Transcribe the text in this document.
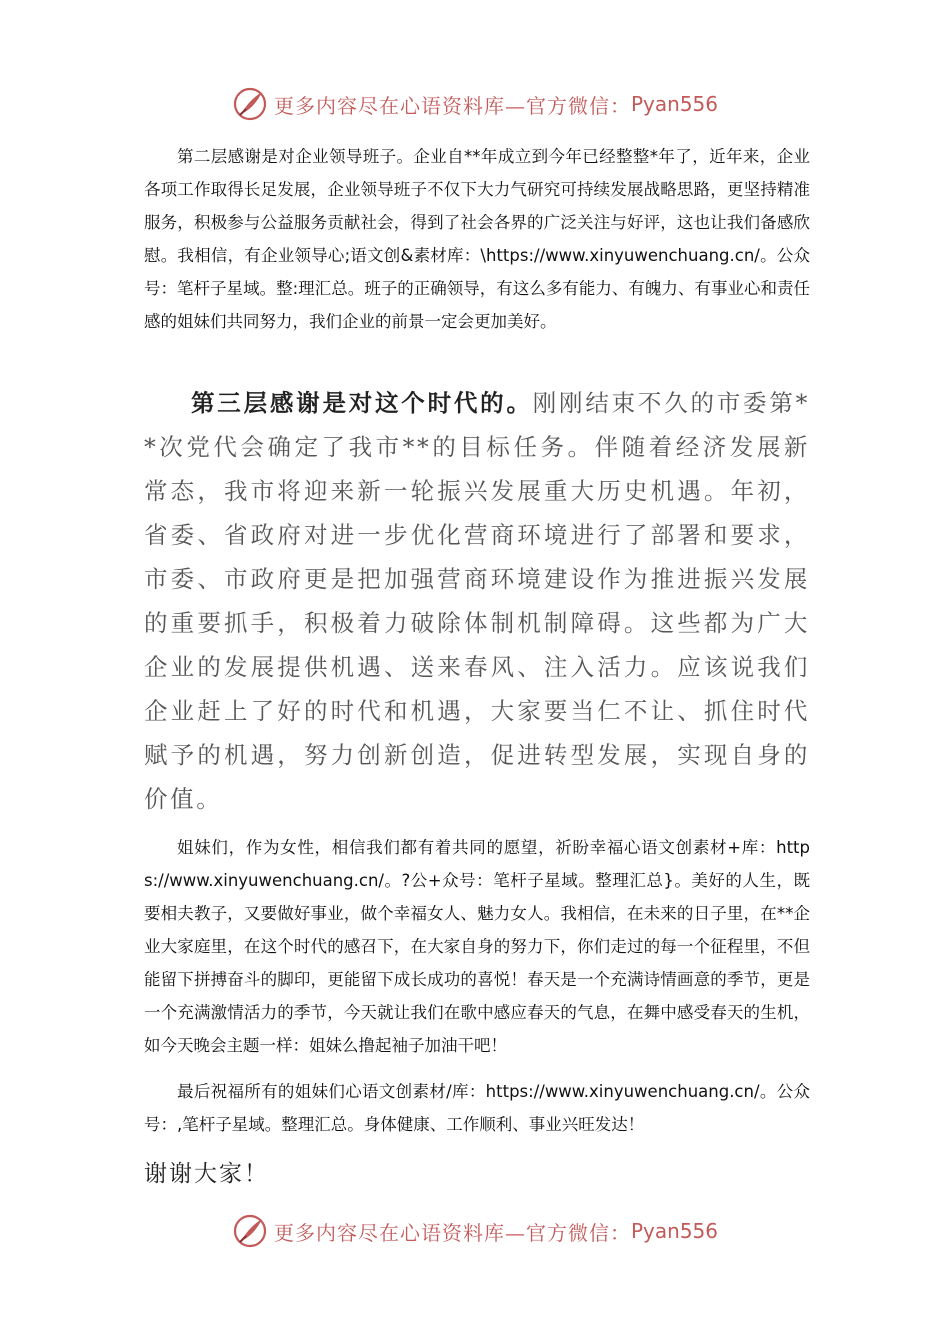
更多内容尽在心语资料库—官方微信： Pyan556

第二层感谢是对企业领导班子。企业自**年成立到今年已经整整*年了，近年来，企业各项工作取得长足发展，企业领导班子不仅下大力气研究可持续发展战略思路，更坚持精准服务，积极参与公益服务贡献社会，得到了社会各界的广泛关注与好评，这也让我们备感欣慰。我相信，有企业领导心;语文创&素材库：\https://www.xinyuwenchuang.cn/。公众号：笔杆子星域。整:理汇总。班子的正确领导，有这么多有能力、有魄力、有事业心和责任感的姐妹们共同努力，我们企业的前景一定会更加美好。

第三层感谢是对这个时代的。刚刚结束不久的市委第**次党代会确定了我市**的目标任务。伴随着经济发展新常态，我市将迎来新一轮振兴发展重大历史机遇。年初，省委、省政府对进一步优化营商环境进行了部署和要求，市委、市政府更是把加强营商环境建设作为推进振兴发展的重要抓手，积极着力破除体制机制障碍。这些都为广大企业的发展提供机遇、送来春风、注入活力。应该说我们企业赶上了好的时代和机遇，大家要当仁不让、抓住时代赋予的机遇，努力创新创造，促进转型发展，实现自身的价值。

姐妹们，作为女性，相信我们都有着共同的愿望，祈盼幸福心语文创素材+库：https://www.xinyuwenchuang.cn/。?公+众号：笔杆子星域。整理汇总}。美好的人生，既要相夫教子，又要做好事业，做个幸福女人、魅力女人。我相信，在未来的日子里，在**企业大家庭里，在这个时代的感召下，在大家自身的努力下，你们走过的每一个征程里，不但能留下拼搏奋斗的脚印，更能留下成长成功的喜悦！春天是一个充满诗情画意的季节，更是一个充满激情活力的季节，今天就让我们在歌中感应春天的气息，在舞中感受春天的生机，如今天晚会主题一样：姐妹么撸起袖子加油干吧！

最后祝福所有的姐妹们心语文创素材/库：https://www.xinyuwenchuang.cn/。公众号：,笔杆子星域。整理汇总。身体健康、工作顺利、事业兴旺发达！

谢谢大家！

更多内容尽在心语资料库—官方微信： Pyan556
